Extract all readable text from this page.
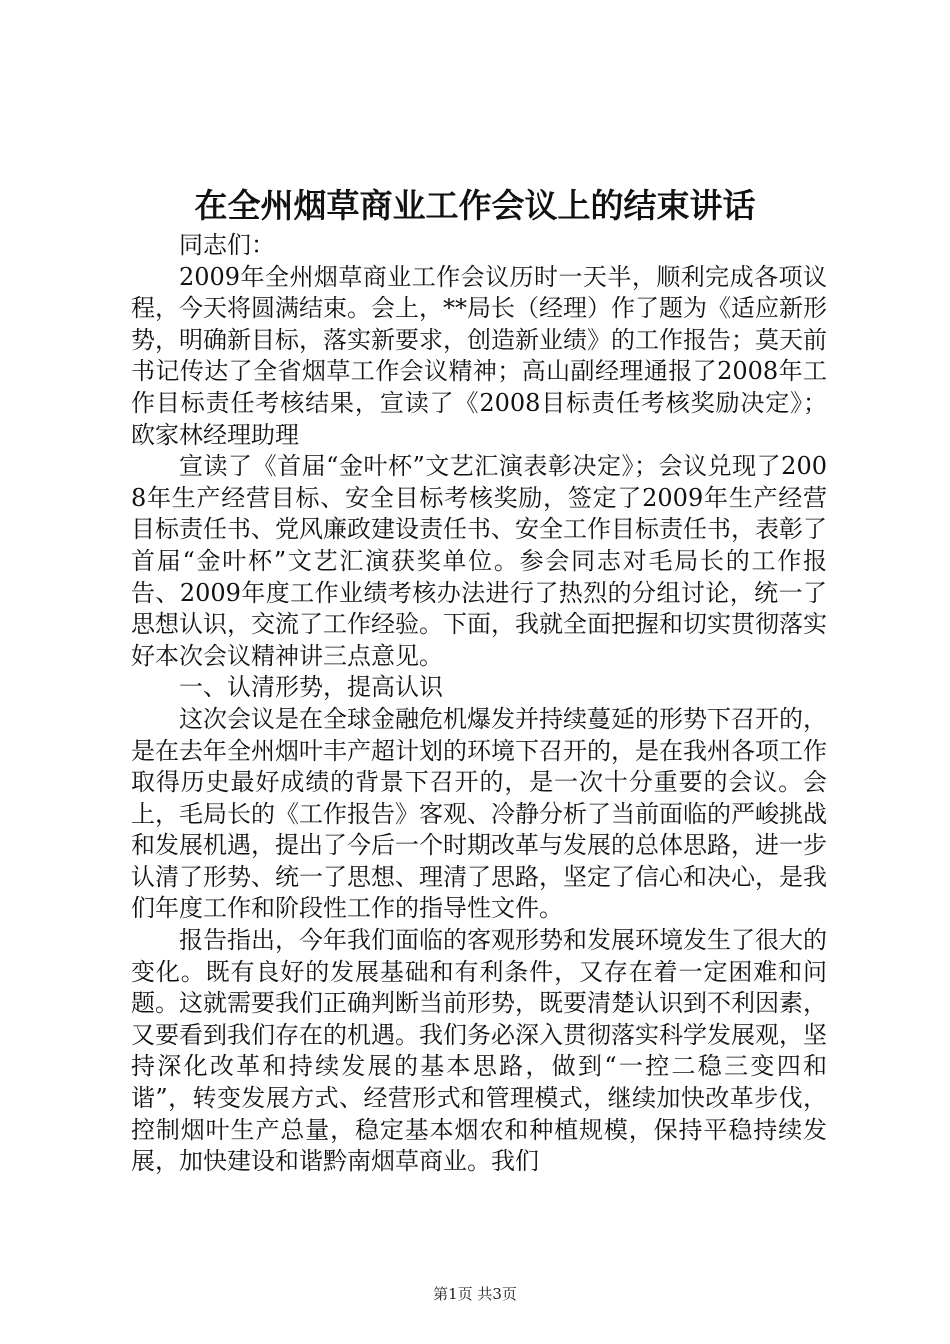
在全州烟草商业工作会议上的结束讲话

同志们：

2009年全州烟草商业工作会议历时一天半，顺利完成各项议程，今天将圆满结束。会上，**局长（经理）作了题为《适应新形势，明确新目标，落实新要求，创造新业绩》的工作报告；莫天前书记传达了全省烟草工作会议精神；高山副经理通报了2008年工作目标责任考核结果，宣读了《2008目标责任考核奖励决定》；欧家林经理助理

宣读了《首届“金叶杯”文艺汇演表彰决定》；会议兑现了2008年生产经营目标、安全目标考核奖励，签定了2009年生产经营目标责任书、党风廉政建设责任书、安全工作目标责任书，表彰了首届“金叶杯”文艺汇演获奖单位。参会同志对毛局长的工作报告、2009年度工作业绩考核办法进行了热烈的分组讨论，统一了思想认识，交流了工作经验。下面，我就全面把握和切实贯彻落实好本次会议精神讲三点意见。

一、认清形势，提高认识

这次会议是在全球金融危机爆发并持续蔓延的形势下召开的，是在去年全州烟叶丰产超计划的环境下召开的，是在我州各项工作取得历史最好成绩的背景下召开的，是一次十分重要的会议。会上，毛局长的《工作报告》客观、冷静分析了当前面临的严峻挑战和发展机遇，提出了今后一个时期改革与发展的总体思路，进一步认清了形势、统一了思想、理清了思路，坚定了信心和决心，是我们年度工作和阶段性工作的指导性文件。

报告指出，今年我们面临的客观形势和发展环境发生了很大的变化。既有良好的发展基础和有利条件，又存在着一定困难和问题。这就需要我们正确判断当前形势，既要清楚认识到不利因素，又要看到我们存在的机遇。我们务必深入贯彻落实科学发展观，坚持深化改革和持续发展的基本思路，做到“一控二稳三变四和谐”，转变发展方式、经营形式和管理模式，继续加快改革步伐，控制烟叶生产总量，稳定基本烟农和种植规模，保持平稳持续发展，加快建设和谐黔南烟草商业。我们

第1页 共3页
